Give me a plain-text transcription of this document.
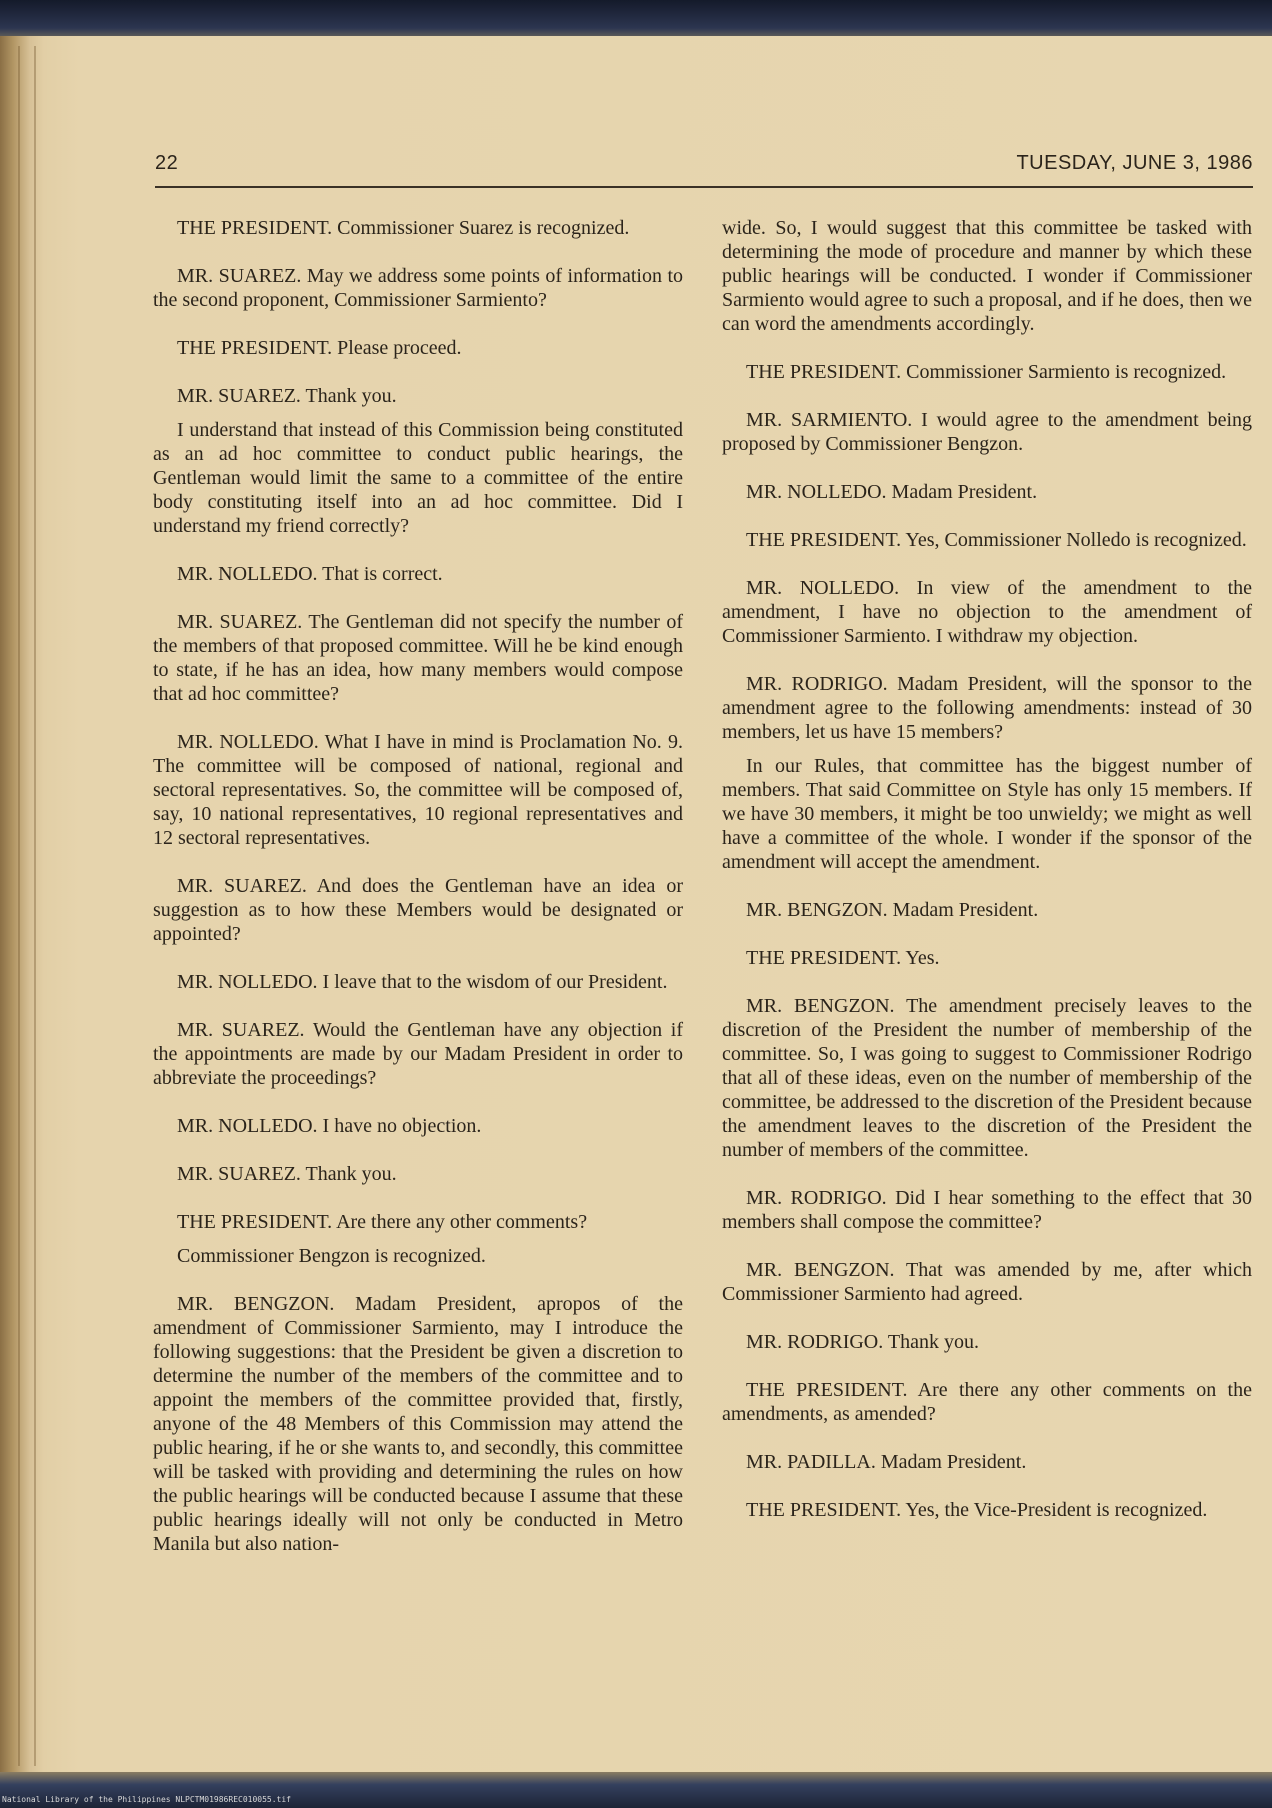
22	TUESDAY, JUNE 3, 1986

THE PRESIDENT. Commissioner Suarez is recognized.

MR. SUAREZ. May we address some points of information to the second proponent, Commissioner Sarmiento?

THE PRESIDENT. Please proceed.

MR. SUAREZ. Thank you.

I understand that instead of this Commission being constituted as an ad hoc committee to conduct public hearings, the Gentleman would limit the same to a committee of the entire body constituting itself into an ad hoc committee. Did I understand my friend correctly?

MR. NOLLEDO. That is correct.

MR. SUAREZ. The Gentleman did not specify the number of the members of that proposed committee. Will he be kind enough to state, if he has an idea, how many members would compose that ad hoc committee?

MR. NOLLEDO. What I have in mind is Proclamation No. 9. The committee will be composed of national, regional and sectoral representatives. So, the committee will be composed of, say, 10 national representatives, 10 regional representatives and 12 sectoral representatives.

MR. SUAREZ. And does the Gentleman have an idea or suggestion as to how these Members would be designated or appointed?

MR. NOLLEDO. I leave that to the wisdom of our President.

MR. SUAREZ. Would the Gentleman have any objection if the appointments are made by our Madam President in order to abbreviate the proceedings?

MR. NOLLEDO. I have no objection.

MR. SUAREZ. Thank you.

THE PRESIDENT. Are there any other comments?

Commissioner Bengzon is recognized.

MR. BENGZON. Madam President, apropos of the amendment of Commissioner Sarmiento, may I introduce the following suggestions: that the President be given a discretion to determine the number of the members of the committee and to appoint the members of the committee provided that, firstly, anyone of the 48 Members of this Commission may attend the public hearing, if he or she wants to, and secondly, this committee will be tasked with providing and determining the rules on how the public hearings will be conducted because I assume that these public hearings ideally will not only be conducted in Metro Manila but also nation-

wide. So, I would suggest that this committee be tasked with determining the mode of procedure and manner by which these public hearings will be conducted. I wonder if Commissioner Sarmiento would agree to such a proposal, and if he does, then we can word the amendments accordingly.

THE PRESIDENT. Commissioner Sarmiento is recognized.

MR. SARMIENTO. I would agree to the amendment being proposed by Commissioner Bengzon.

MR. NOLLEDO. Madam President.

THE PRESIDENT. Yes, Commissioner Nolledo is recognized.

MR. NOLLEDO. In view of the amendment to the amendment, I have no objection to the amendment of Commissioner Sarmiento. I withdraw my objection.

MR. RODRIGO. Madam President, will the sponsor to the amendment agree to the following amendments: instead of 30 members, let us have 15 members?

In our Rules, that committee has the biggest number of members. That said Committee on Style has only 15 members. If we have 30 members, it might be too unwieldy; we might as well have a committee of the whole. I wonder if the sponsor of the amendment will accept the amendment.

MR. BENGZON. Madam President.

THE PRESIDENT. Yes.

MR. BENGZON. The amendment precisely leaves to the discretion of the President the number of membership of the committee. So, I was going to suggest to Commissioner Rodrigo that all of these ideas, even on the number of membership of the committee, be addressed to the discretion of the President because the amendment leaves to the discretion of the President the number of members of the committee.

MR. RODRIGO. Did I hear something to the effect that 30 members shall compose the committee?

MR. BENGZON. That was amended by me, after which Commissioner Sarmiento had agreed.

MR. RODRIGO. Thank you.

THE PRESIDENT. Are there any other comments on the amendments, as amended?

MR. PADILLA. Madam President.

THE PRESIDENT. Yes, the Vice-President is recognized.

National Library of the Philippines NLPCTM01986REC010055.tif
